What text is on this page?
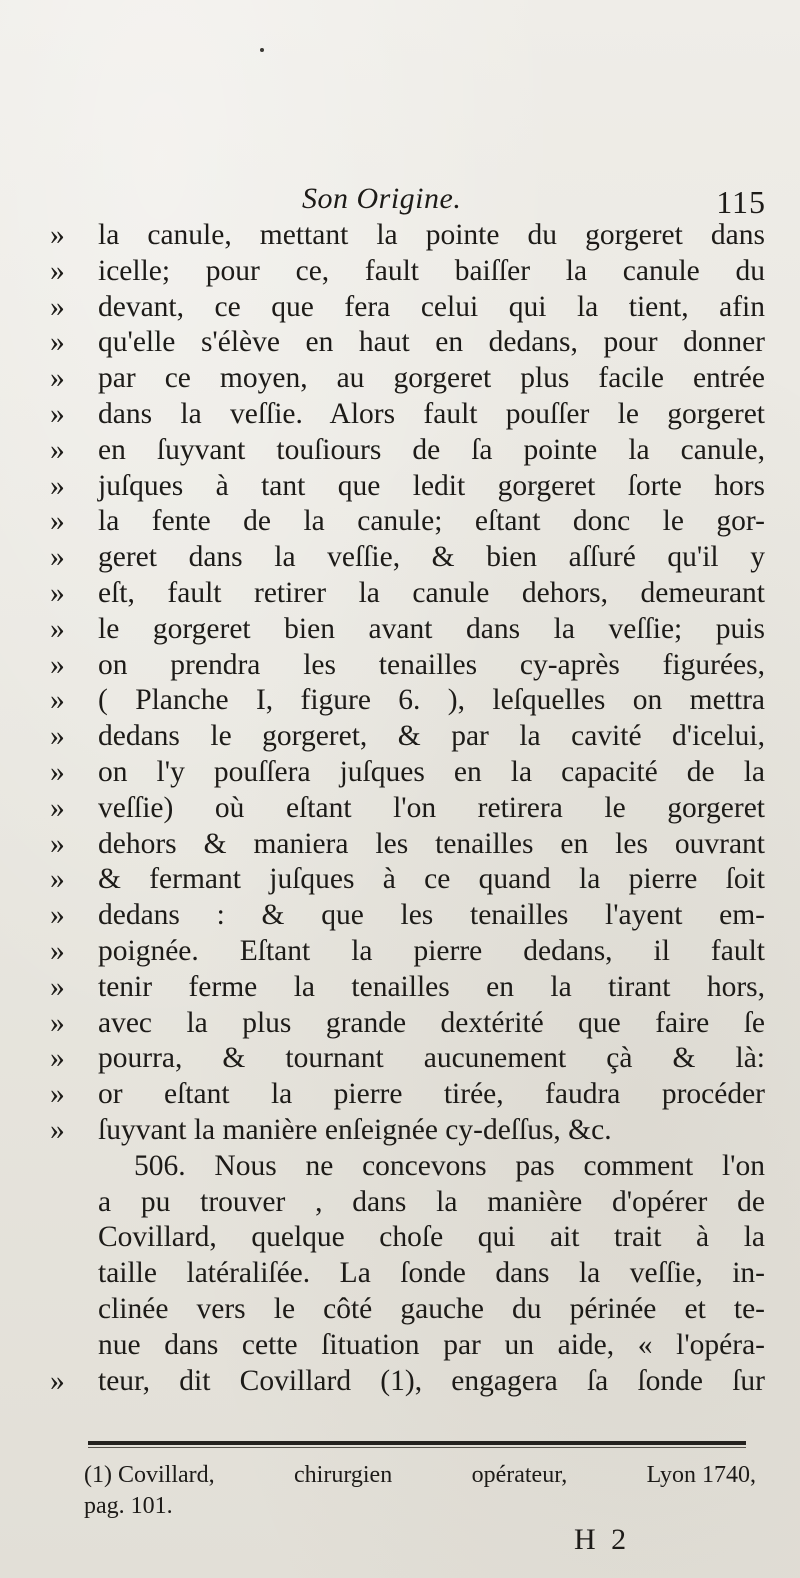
Son Origine.	115
»	la canule, mettant la pointe du gorgeret dans
»	icelle; pour ce, fault baiſſer la canule du
»	devant, ce que fera celui qui la tient, afin
»	qu'elle s'élève en haut en dedans, pour donner
»	par ce moyen, au gorgeret plus facile entrée
»	dans la veſſie. Alors fault pouſſer le gorgeret
»	en ſuyvant touſiours de ſa pointe la canule,
»	juſques à tant que ledit gorgeret ſorte hors
»	la fente de la canule; eſtant donc le gor-
»	geret dans la veſſie, & bien aſſuré qu'il y
»	eſt, fault retirer la canule dehors, demeurant
»	le gorgeret bien avant dans la veſſie; puis
»	on prendra les tenailles cy-après figurées,
»	( Planche I, figure 6. ), leſquelles on mettra
»	dedans le gorgeret, & par la cavité d'icelui,
»	on l'y pouſſera juſques en la capacité de la
»	veſſie) où eſtant l'on retirera le gorgeret
»	dehors & maniera les tenailles en les ouvrant
»	& fermant juſques à ce quand la pierre ſoit
»	dedans : & que les tenailles l'ayent em-
»	poignée. Eſtant la pierre dedans, il fault
»	tenir ferme la tenailles en la tirant hors,
»	avec la plus grande dextérité que faire ſe
»	pourra, & tournant aucunement çà & là:
»	or eſtant la pierre tirée, faudra procéder
»	ſuyvant la manière enſeignée cy-deſſus, &c.
506. Nous ne concevons pas comment l'on
a pu trouver , dans la manière d'opérer de
Covillard, quelque choſe qui ait trait à la
taille latéraliſée. La ſonde dans la veſſie, in-
clinée vers le côté gauche du périnée et te-
nue dans cette ſituation par un aide, « l'opéra-
»	teur, dit Covillard (1), engagera ſa ſonde ſur
(1) Covillard,	chirurgien	opérateur,	Lyon 1740,
pag. 101.
H 2
